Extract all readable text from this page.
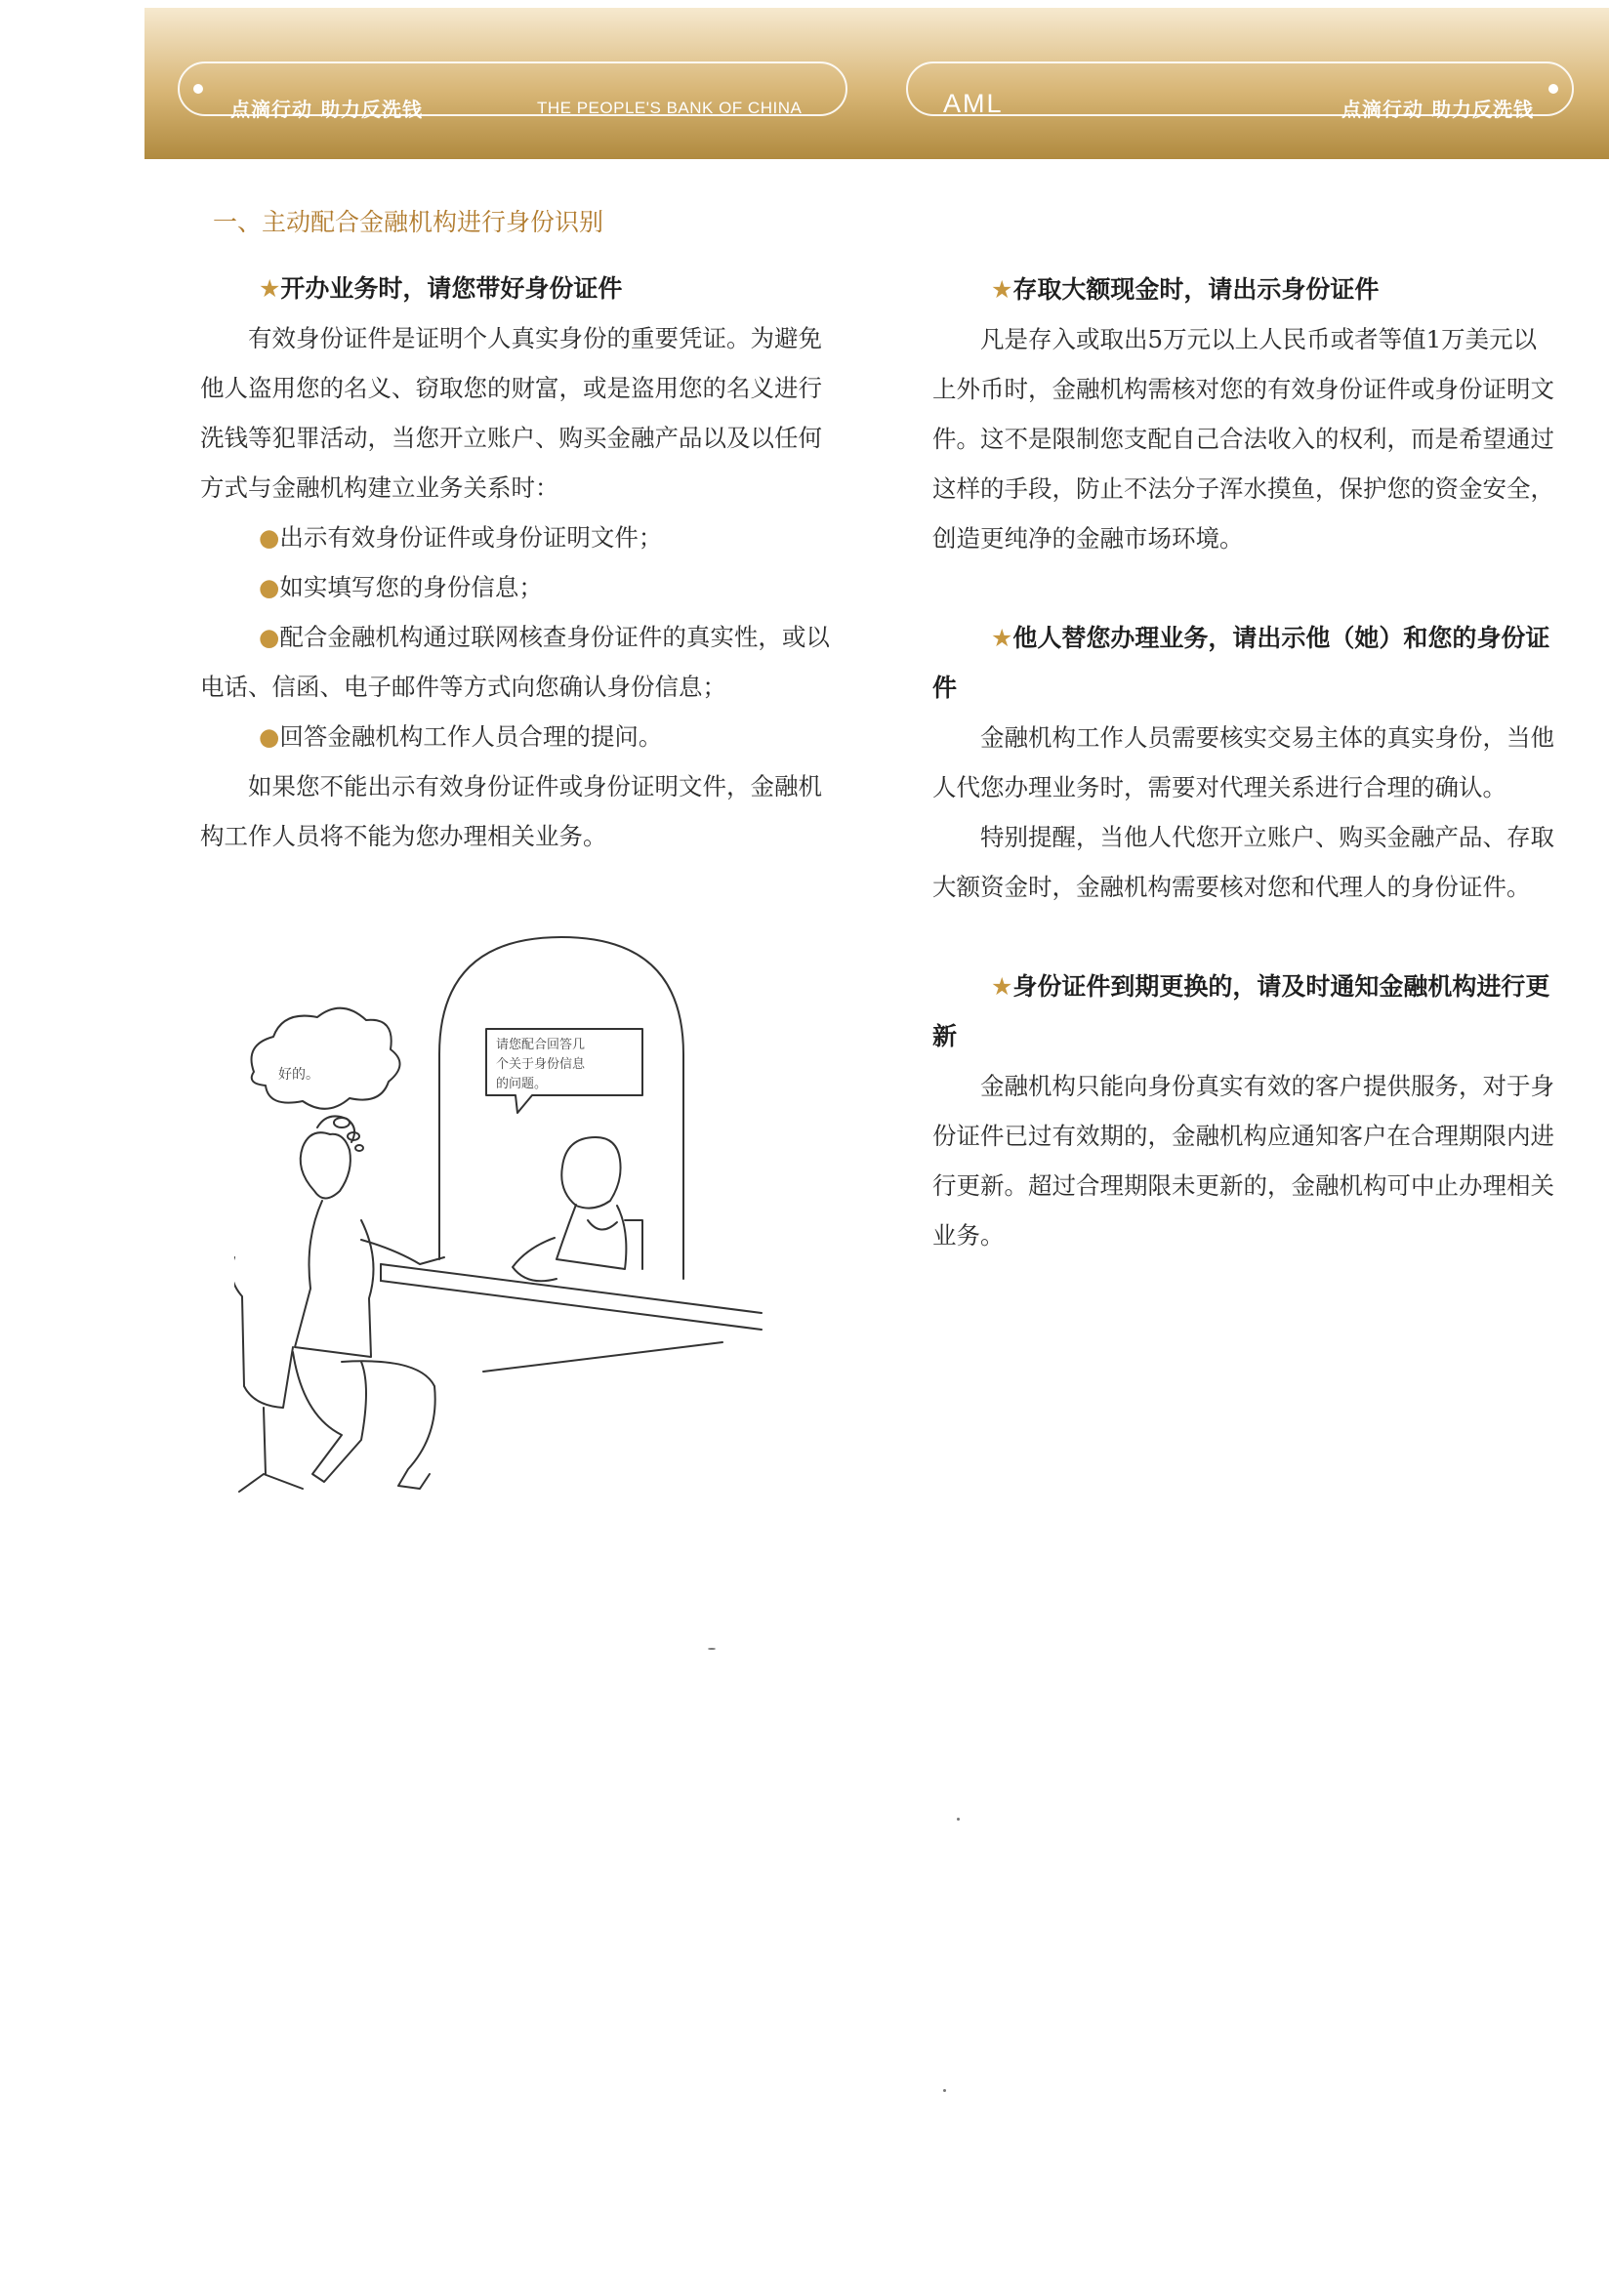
点滴行动 助力反洗钱	THE PEOPLE'S BANK OF CHINA	AML	点滴行动 助力反洗钱
一、主动配合金融机构进行身份识别
★开办业务时，请您带好身份证件

有效身份证件是证明个人真实身份的重要凭证。为避免他人盗用您的名义、窃取您的财富，或是盗用您的名义进行洗钱等犯罪活动，当您开立账户、购买金融产品以及以任何方式与金融机构建立业务关系时：

●出示有效身份证件或身份证明文件；

●如实填写您的身份信息；

●配合金融机构通过联网核查身份证件的真实性，或以电话、信函、电子邮件等方式向您确认身份信息；

●回答金融机构工作人员合理的提问。

如果您不能出示有效身份证件或身份证明文件，金融机构工作人员将不能为您办理相关业务。

好的。
请您配合回答几 个关于身份信息 的问题。
★存取大额现金时，请出示身份证件

凡是存入或取出5万元以上人民币或者等值1万美元以上外币时，金融机构需核对您的有效身份证件或身份证明文件。这不是限制您支配自己合法收入的权利，而是希望通过这样的手段，防止不法分子浑水摸鱼，保护您的资金安全，创造更纯净的金融市场环境。

★他人替您办理业务，请出示他（她）和您的身份证件

金融机构工作人员需要核实交易主体的真实身份，当他人代您办理业务时，需要对代理关系进行合理的确认。

特别提醒，当他人代您开立账户、购买金融产品、存取大额资金时，金融机构需要核对您和代理人的身份证件。

★身份证件到期更换的，请及时通知金融机构进行更新

金融机构只能向身份真实有效的客户提供服务，对于身份证件已过有效期的，金融机构应通知客户在合理期限内进行更新。超过合理期限未更新的，金融机构可中止办理相关业务。
